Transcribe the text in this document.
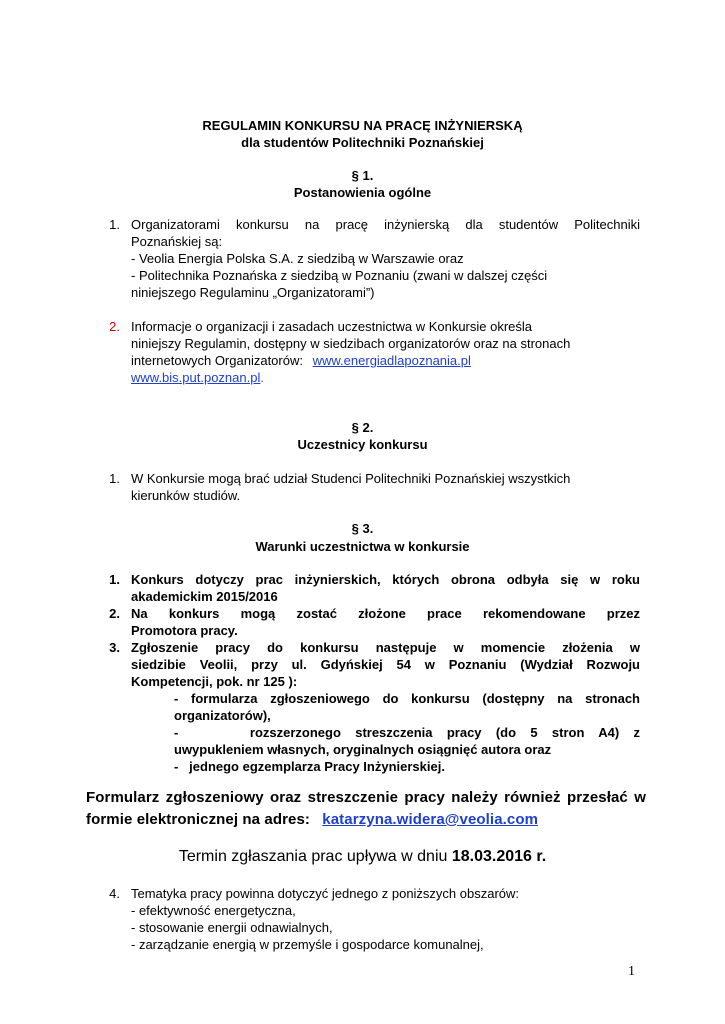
REGULAMIN KONKURSU NA PRACĘ INŻYNIERSKĄ
dla studentów Politechniki Poznańskiej
§ 1.
Postanowienia ogólne
1. Organizatorami konkursu na pracę inżynierską dla studentów Politechniki
Poznańskiej są:
- Veolia Energia Polska S.A. z siedzibą w Warszawie oraz
- Politechnika Poznańska z siedzibą w Poznaniu (zwani w dalszej części
niniejszego Regulaminu „Organizatorami”)
2. Informacje o organizacji i zasadach uczestnictwa w Konkursie określa
niniejszy Regulamin, dostępny w siedzibach organizatorów oraz na stronach
internetowych Organizatorów: www.energiadlapoznania.pl
www.bis.put.poznan.pl.
§ 2.
Uczestnicy konkursu
1. W Konkursie mogą brać udział Studenci Politechniki Poznańskiej wszystkich
kierunków studiów.
§ 3.
Warunki uczestnictwa w konkursie
1. Konkurs dotyczy prac inżynierskich, których obrona odbyła się w roku
akademickim 2015/2016
2. Na konkurs mogą zostać złożone prace rekomendowane przez
Promotora pracy.
3. Zgłoszenie pracy do konkursu następuje w momencie złożenia w
siedzibie Veolii, przy ul. Gdyńskiej 54 w Poznaniu (Wydział Rozwoju
Kompetencji, pok. nr 125 ):
- formularza zgłoszeniowego do konkursu (dostępny na stronach
organizatorów),
-     rozszerzonego streszczenia pracy (do 5 stron A4) z
uwypukleniem własnych, oryginalnych osiągnięć autora oraz
-   jednego egzemplarza Pracy Inżynierskiej.
Formularz zgłoszeniowy oraz streszczenie pracy należy również przesłać w
formie elektronicznej na adres: katarzyna.widera@veolia.com
Termin zgłaszania prac upływa w dniu 18.03.2016 r.
4. Tematyka pracy powinna dotyczyć jednego z poniższych obszarów:
- efektywność energetyczna,
- stosowanie energii odnawialnych,
- zarządzanie energią w przemyśle i gospodarce komunalnej,
1
